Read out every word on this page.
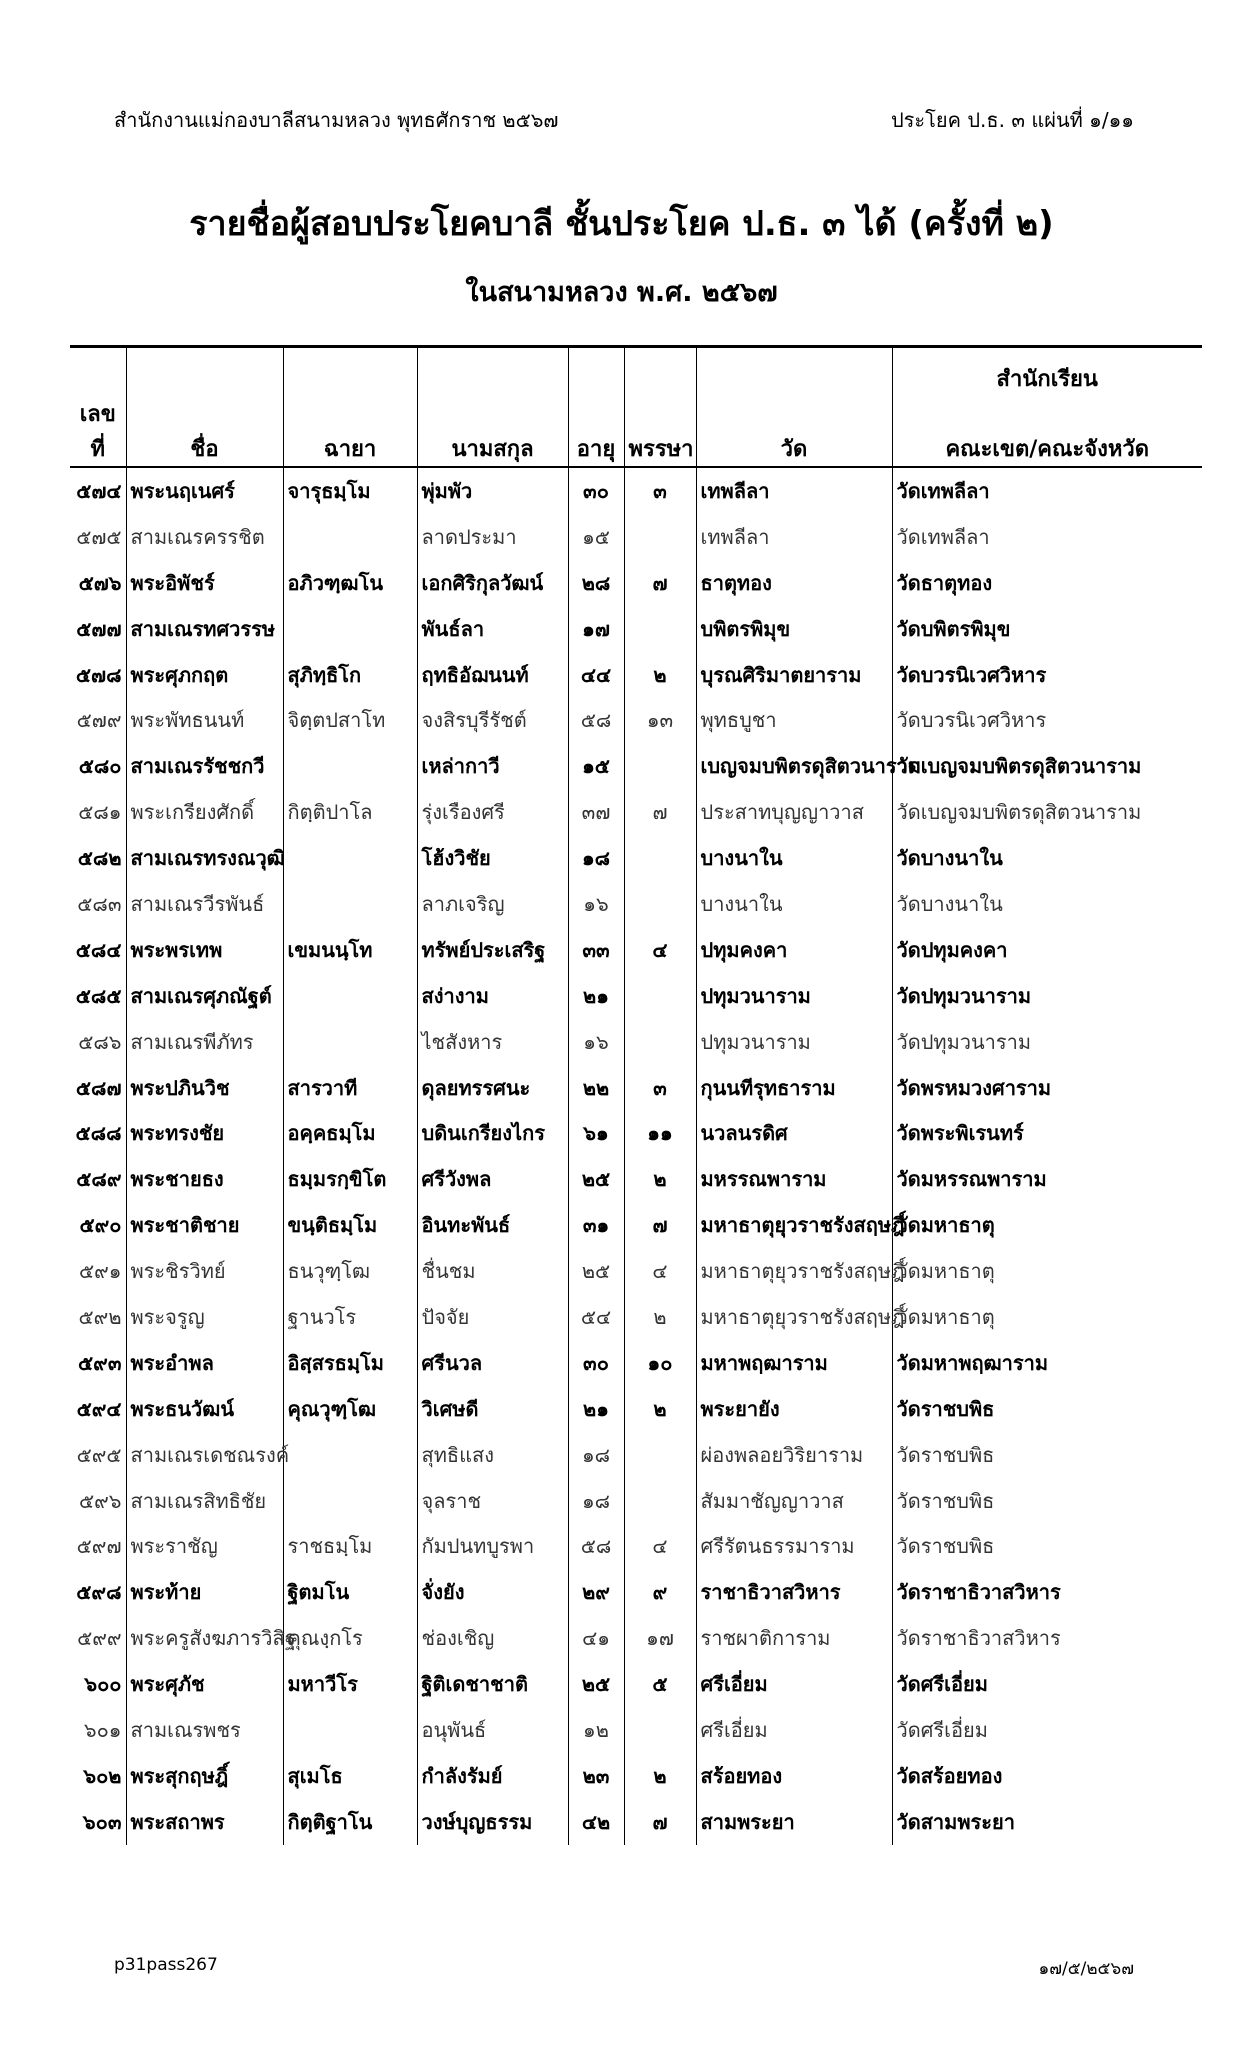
สำนักงานแม่กองบาลีสนามหลวง พุทธศักราช ๒๕๖๗	ประโยค ป.ธ. ๓ แผ่นที่ ๑/๑๑
รายชื่อผู้สอบประโยคบาลี ชั้นประโยค ป.ธ. ๓ ได้ (ครั้งที่ ๒)
ในสนามหลวง พ.ศ. ๒๕๖๗
							สำนักเรียน
เลขที่	ชื่อ	ฉายา	นามสกุล	อายุ	พรรษา	วัด	คณะเขต/คณะจังหวัด
๕๗๔	พระนฤเนศร์	จารุธมฺโม	พุ่มพัว	๓๐	๓	เทพลีลา	วัดเทพลีลา
๕๗๕	สามเณรครรชิต		ลาดประมา	๑๕		เทพลีลา	วัดเทพลีลา
๕๗๖	พระอิพัชร์	อภิวฑฺฒโน	เอกศิริกุลวัฒน์	๒๘	๗	ธาตุทอง	วัดธาตุทอง
๕๗๗	สามเณรทศวรรษ		พันธ์ลา	๑๗		บพิตรพิมุข	วัดบพิตรพิมุข
๕๗๘	พระศุภกฤต	สุภิทฺธิโก	ฤทธิอัฌนนท์	๔๔	๒	บุรณศิริมาตยาราม	วัดบวรนิเวศวิหาร
๕๗๙	พระพัทธนนท์	จิตฺตปสาโท	จงสิรบุรีรัชต์	๕๘	๑๓	พุทธบูชา	วัดบวรนิเวศวิหาร
๕๘๐	สามเณรรัชชกวี		เหล่ากาวี	๑๕		เบญจมบพิตรดุสิตวนาราม	วัดเบญจมบพิตรดุสิตวนาราม
๕๘๑	พระเกรียงศักดิ์	กิตฺติปาโล	รุ่งเรืองศรี	๓๗	๗	ประสาทบุญญาวาส	วัดเบญจมบพิตรดุสิตวนาราม
๕๘๒	สามเณรทรงณวุฒิ		โฮ้งวิชัย	๑๘		บางนาใน	วัดบางนาใน
๕๘๓	สามเณรวีรพันธ์		ลาภเจริญ	๑๖		บางนาใน	วัดบางนาใน
๕๘๔	พระพรเทพ	เขมนนฺโท	ทรัพย์ประเสริฐ	๓๓	๔	ปทุมคงคา	วัดปทุมคงคา
๕๘๕	สามเณรศุภณัฐต์		สง่างาม	๒๑		ปทุมวนาราม	วัดปทุมวนาราม
๕๘๖	สามเณรพีภัทร		ไชสังหาร	๑๖		ปทุมวนาราม	วัดปทุมวนาราม
๕๘๗	พระปภินวิช	สารวาที	ดุลยทรรศนะ	๒๒	๓	กุนนทีรุทธาราม	วัดพรหมวงศาราม
๕๘๘	พระทรงชัย	อคฺคธมฺโม	บดินเกรียงไกร	๖๑	๑๑	นวลนรดิศ	วัดพระพิเรนทร์
๕๘๙	พระชายธง	ธมฺมรกฺขิโต	ศรีวังพล	๒๕	๒	มหรรณพาราม	วัดมหรรณพาราม
๕๙๐	พระชาติชาย	ขนฺติธมฺโม	อินทะพันธ์	๓๑	๗	มหาธาตุยุวราชรังสฤษฎิ์	วัดมหาธาตุ
๕๙๑	พระชิรวิทย์	ธนวุฑฺโฒ	ชื่นชม	๒๕	๔	มหาธาตุยุวราชรังสฤษฎิ์	วัดมหาธาตุ
๕๙๒	พระจรูญ	ฐานวโร	ปัจจัย	๕๔	๒	มหาธาตุยุวราชรังสฤษฎิ์	วัดมหาธาตุ
๕๙๓	พระอำพล	อิสฺสรธมฺโม	ศรีนวล	๓๐	๑๐	มหาพฤฒาราม	วัดมหาพฤฒาราม
๕๙๔	พระธนวัฒน์	คุณวุฑฺโฒ	วิเศษดี	๒๑	๒	พระยายัง	วัดราชบพิธ
๕๙๕	สามเณรเดชณรงค์		สุทธิแสง	๑๘		ผ่องพลอยวิริยาราม	วัดราชบพิธ
๕๙๖	สามเณรสิทธิชัย		จุลราช	๑๘		สัมมาชัญญาวาส	วัดราชบพิธ
๕๙๗	พระราชัญ	ราชธมฺโม	กัมปนทบูรพา	๕๘	๔	ศรีรัตนธรรมาราม	วัดราชบพิธ
๕๙๘	พระท้าย	ฐิตมโน	จั่งยัง	๒๙	๙	ราชาธิวาสวิหาร	วัดราชาธิวาสวิหาร
๕๙๙	พระครูสังฆภารวิสิฐ	คุณงฺกโร	ช่องเชิญ	๔๑	๑๗	ราชผาติการาม	วัดราชาธิวาสวิหาร
๖๐๐	พระศุภัช	มหาวีโร	ฐิติเดชาชาติ	๒๕	๕	ศรีเอี่ยม	วัดศรีเอี่ยม
๖๐๑	สามเณรพชร		อนุพันธ์	๑๒		ศรีเอี่ยม	วัดศรีเอี่ยม
๖๐๒	พระสุกฤษฎิ์	สุเมโธ	กำลังรัมย์	๒๓	๒	สร้อยทอง	วัดสร้อยทอง
๖๐๓	พระสถาพร	กิตฺติฐาโน	วงษ์บุญธรรม	๔๒	๗	สามพระยา	วัดสามพระยา
p31pass267	๑๗/๕/๒๕๖๗
